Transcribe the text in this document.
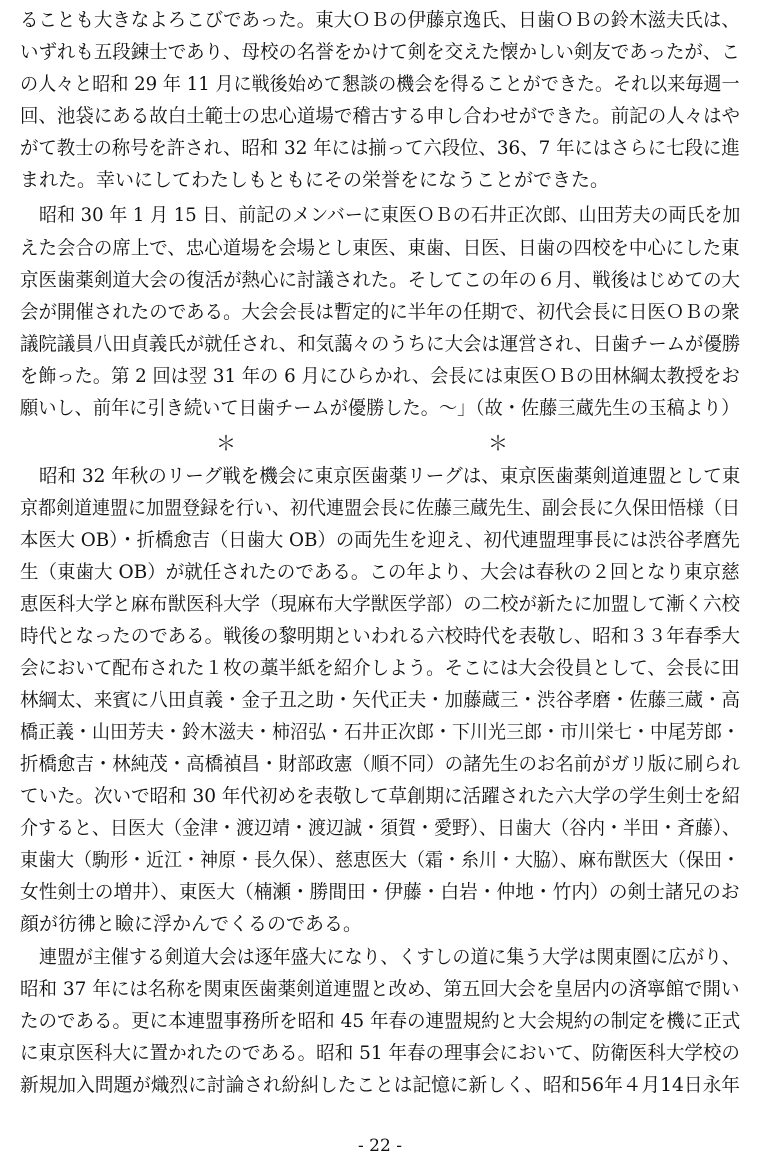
ることも大きなよろこびであった。東大ＯＢの伊藤京逸氏、日歯ＯＢの鈴木滋夫氏は、
いずれも五段錬士であり、母校の名誉をかけて剣を交えた懐かしい剣友であったが、こ
の人々と昭和 29 年 11 月に戦後始めて懇談の機会を得ることができた。それ以来毎週一
回、池袋にある故白土範士の忠心道場で稽古する申し合わせができた。前記の人々はや
がて教士の称号を許され、昭和 32 年には揃って六段位、36、7 年にはさらに七段に進
まれた。幸いにしてわたしもともにその栄誉をになうことができた。
昭和 30 年 1 月 15 日、前記のメンバーに東医ＯＢの石井正次郎、山田芳夫の両氏を加
えた会合の席上で、忠心道場を会場とし東医、東歯、日医、日歯の四校を中心にした東
京医歯薬剣道大会の復活が熱心に討議された。そしてこの年の６月、戦後はじめての大
会が開催されたのである。大会会長は暫定的に半年の任期で、初代会長に日医ＯＢの衆
議院議員八田貞義氏が就任され、和気藹々のうちに大会は運営され、日歯チームが優勝
を飾った。第 2 回は翌 31 年の 6 月にひらかれ、会長には東医ＯＢの田林綱太教授をお
願いし、前年に引き続いて日歯チームが優勝した。〜」（故・佐藤三蔵先生の玉稿より）
＊	＊
昭和 32 年秋のリーグ戦を機会に東京医歯薬リーグは、東京医歯薬剣道連盟として東
京都剣道連盟に加盟登録を行い、初代連盟会長に佐藤三蔵先生、副会長に久保田悟様（日
本医大 OB）・折橋愈吉（日歯大 OB）の両先生を迎え、初代連盟理事長には渋谷孝麿先
生（東歯大 OB）が就任されたのである。この年より、大会は春秋の２回となり東京慈
恵医科大学と麻布獣医科大学（現麻布大学獣医学部）の二校が新たに加盟して漸く六校
時代となったのである。戦後の黎明期といわれる六校時代を表敬し、昭和３３年春季大
会において配布された１枚の藁半紙を紹介しよう。そこには大会役員として、会長に田
林綱太、来賓に八田貞義・金子丑之助・矢代正夫・加藤蔵三・渋谷孝磨・佐藤三蔵・高
橋正義・山田芳夫・鈴木滋夫・柿沼弘・石井正次郎・下川光三郎・市川栄七・中尾芳郎・
折橋愈吉・林純茂・高橋禎昌・財部政憲（順不同）の諸先生のお名前がガリ版に刷られ
ていた。次いで昭和 30 年代初めを表敬して草創期に活躍された六大学の学生剣士を紹
介すると、日医大（金津・渡辺靖・渡辺誠・須賀・愛野）、日歯大（谷内・半田・斉藤）、
東歯大（駒形・近江・神原・長久保）、慈恵医大（霜・糸川・大脇）、麻布獣医大（保田・
女性剣士の増井）、東医大（楠瀬・勝間田・伊藤・白岩・仲地・竹内）の剣士諸兄のお
顔が彷彿と瞼に浮かんでくるのである。
連盟が主催する剣道大会は逐年盛大になり、くすしの道に集う大学は関東圏に広がり、
昭和 37 年には名称を関東医歯薬剣道連盟と改め、第五回大会を皇居内の済寧館で開い
たのである。更に本連盟事務所を昭和 45 年春の連盟規約と大会規約の制定を機に正式
に東京医科大に置かれたのである。昭和 51 年春の理事会において、防衛医科大学校の
新規加入問題が熾烈に討論され紛糾したことは記憶に新しく、昭和56年４月14日永年
- 22 -
